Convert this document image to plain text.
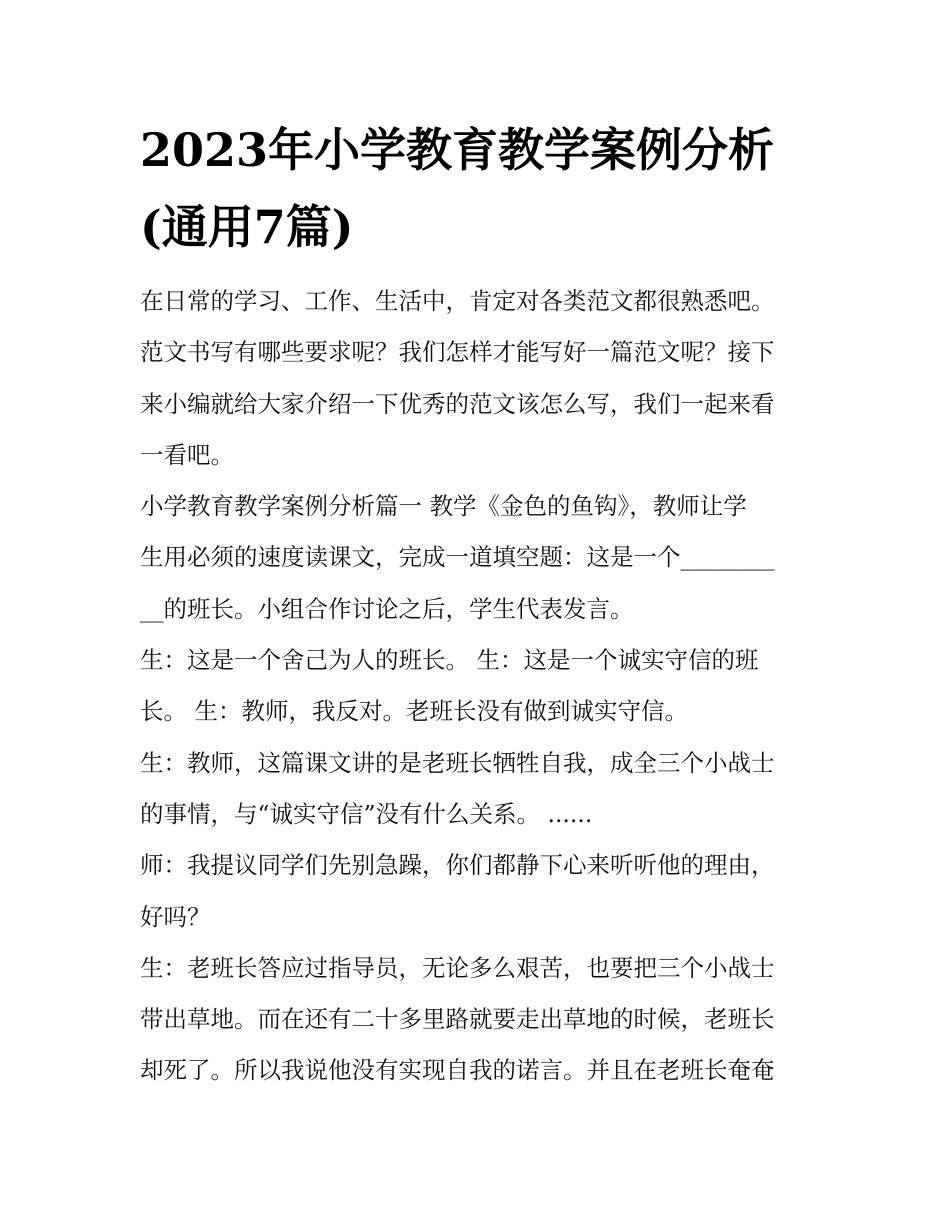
2023年小学教育教学案例分析
(通用7篇)
在日常的学习、工作、生活中，肯定对各类范文都很熟悉吧。
范文书写有哪些要求呢？我们怎样才能写好一篇范文呢？接下
来小编就给大家介绍一下优秀的范文该怎么写，我们一起来看
一看吧。
小学教育教学案例分析篇一 教学《金色的鱼钩》，教师让学
生用必须的速度读课文，完成一道填空题：这是一个________
__的班长。小组合作讨论之后，学生代表发言。
生：这是一个舍己为人的班长。 生：这是一个诚实守信的班
长。 生：教师，我反对。老班长没有做到诚实守信。
生：教师，这篇课文讲的是老班长牺牲自我，成全三个小战士
的事情，与“诚实守信”没有什么关系。 ......
师：我提议同学们先别急躁，你们都静下心来听听他的理由，
好吗？
生：老班长答应过指导员，无论多么艰苦，也要把三个小战士
带出草地。而在还有二十多里路就要走出草地的时候，老班长
却死了。所以我说他没有实现自我的诺言。并且在老班长奄奄
